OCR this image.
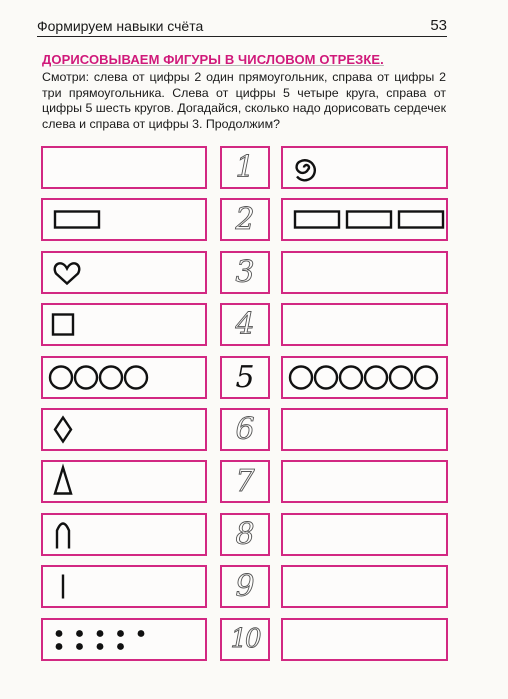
Формируем навыки счёта	53
ДОРИСОВЫВАЕМ ФИГУРЫ В ЧИСЛОВОМ ОТРЕЗКЕ.
Смотри: слева от цифры 2 один прямоугольник, справа от цифры 2 три прямоугольника. Слева от цифры 5 четыре круга, справа от цифры 5 шесть кругов. Догадайся, сколько надо дорисовать сердечек слева и справа от цифры 3. Продолжим?
1
2
3
4
5
6
7
8
9
10
